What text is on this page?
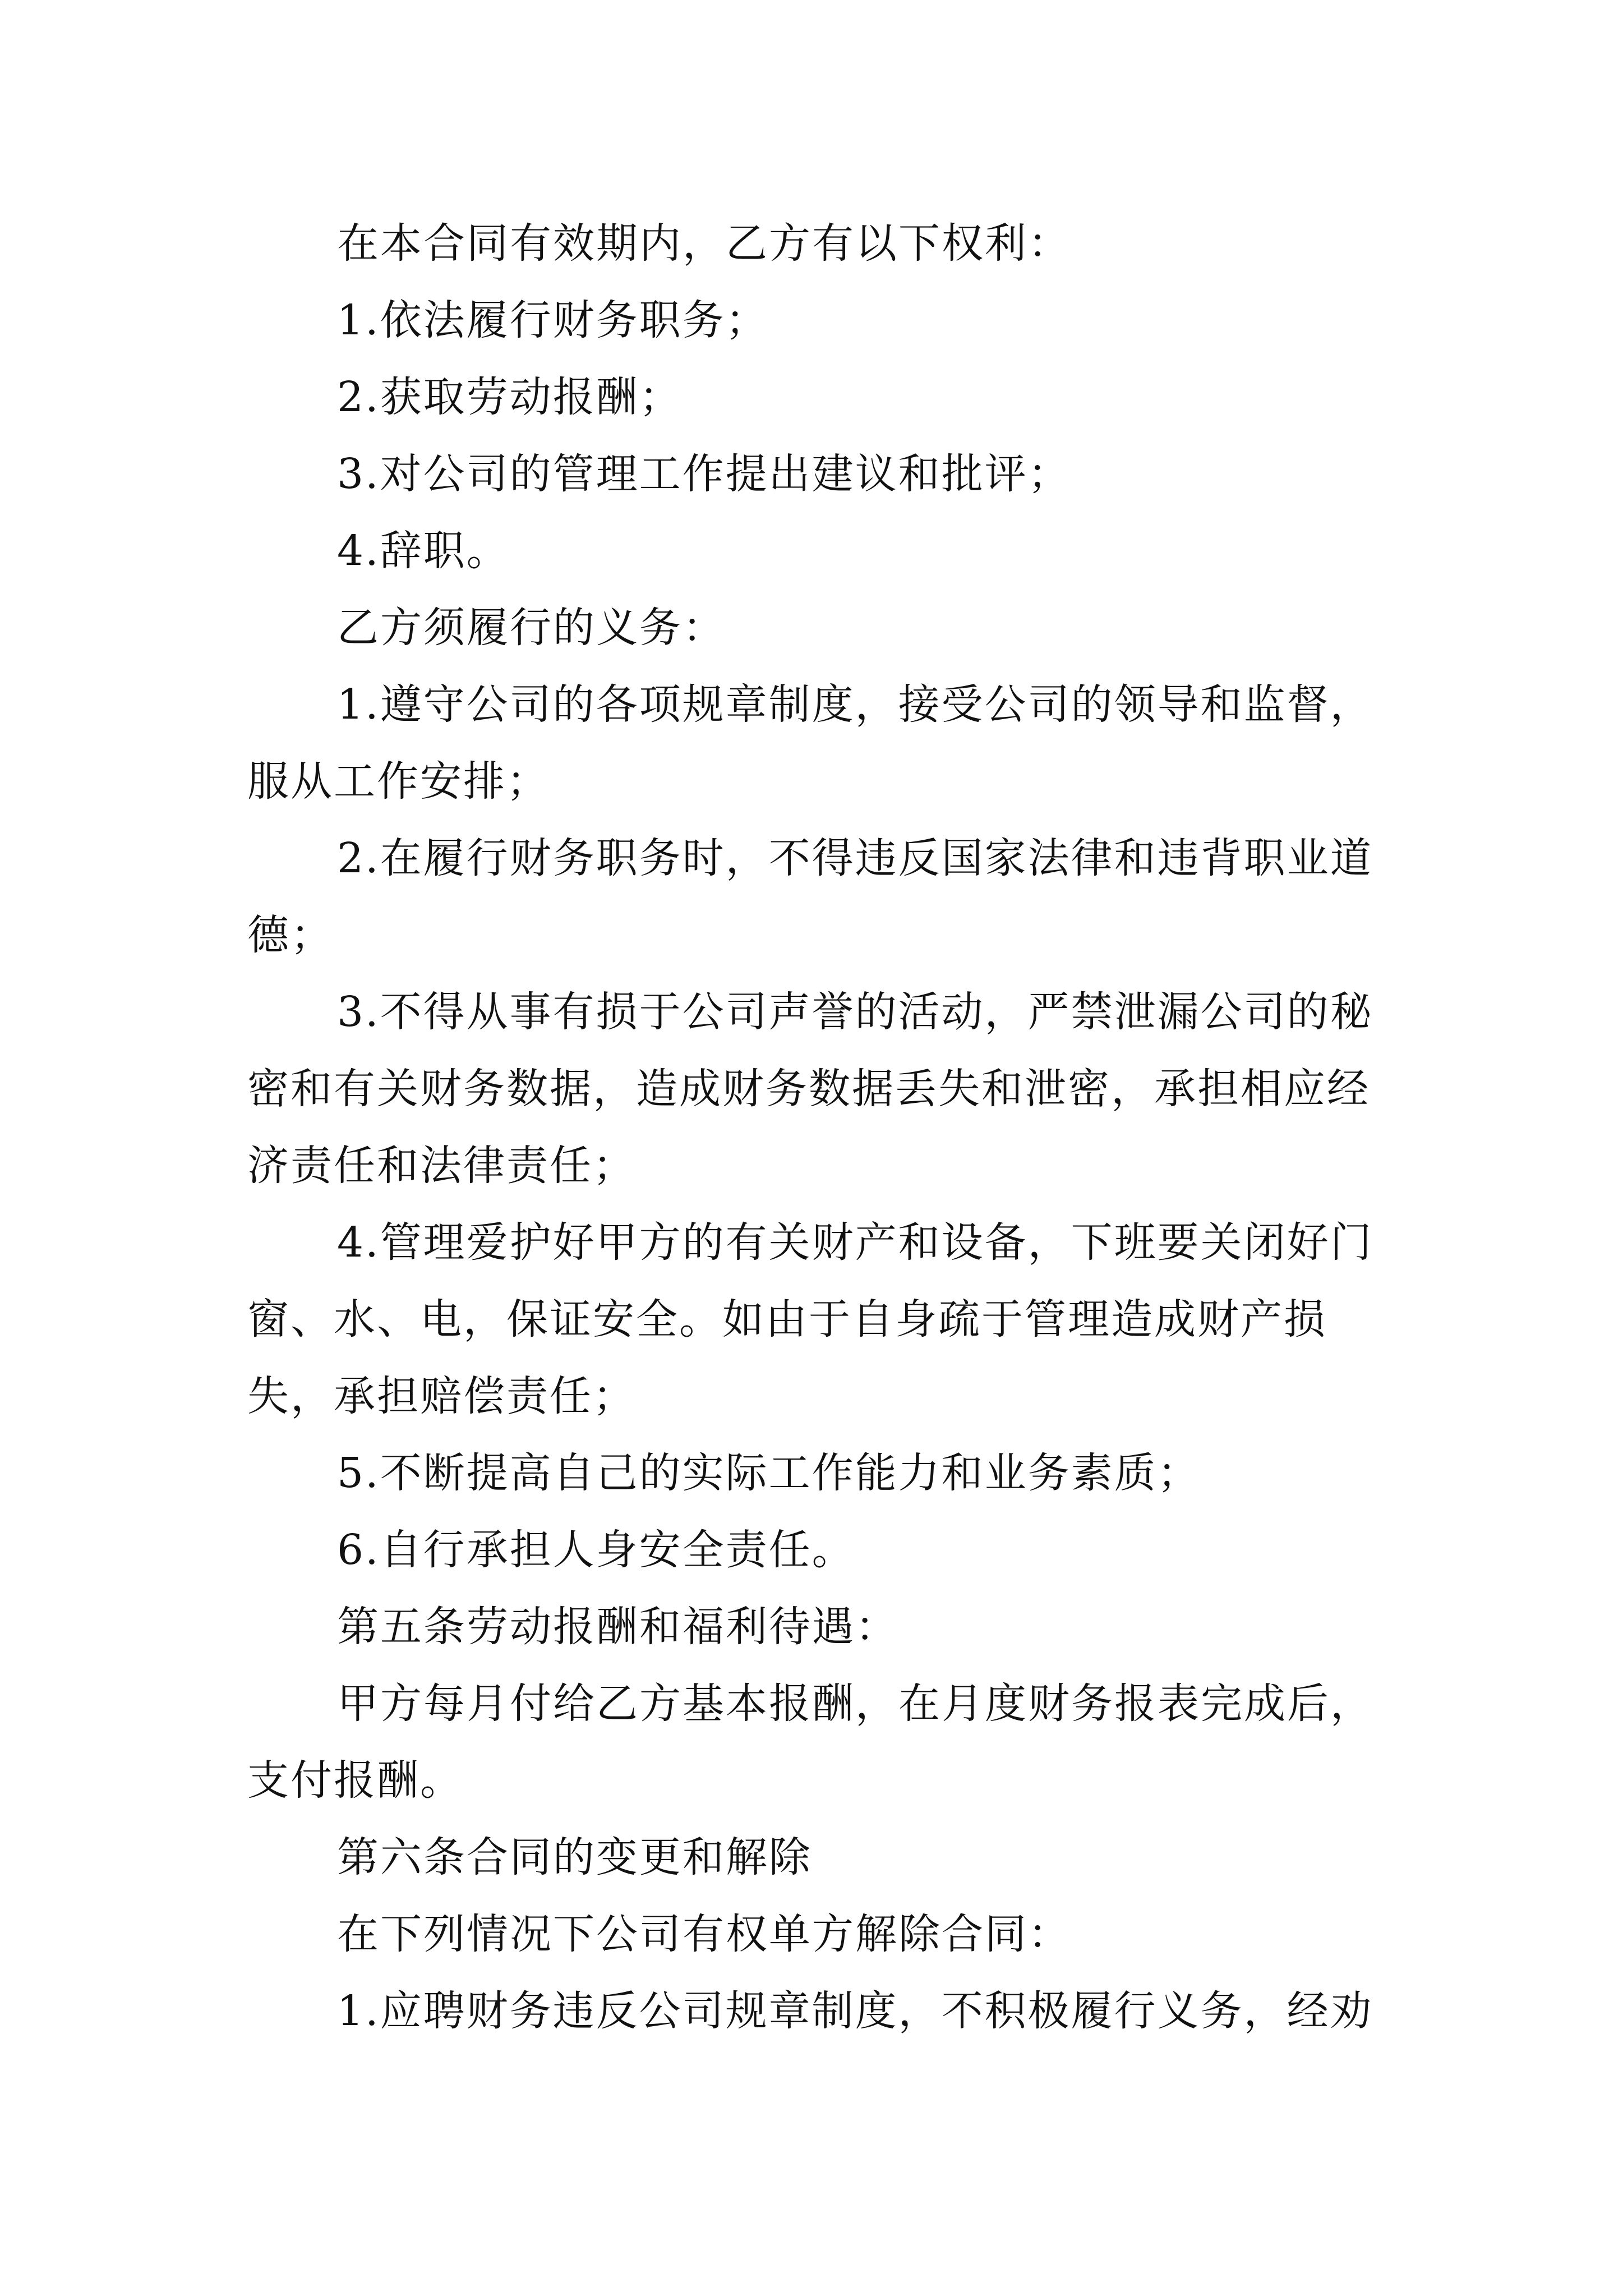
在本合同有效期内，乙方有以下权利：

1.依法履行财务职务；

2.获取劳动报酬；

3.对公司的管理工作提出建议和批评；

4.辞职。

乙方须履行的义务：

1.遵守公司的各项规章制度，接受公司的领导和监督，服从工作安排；

2.在履行财务职务时，不得违反国家法律和违背职业道德；

3.不得从事有损于公司声誉的活动，严禁泄漏公司的秘密和有关财务数据，造成财务数据丢失和泄密，承担相应经济责任和法律责任；

4.管理爱护好甲方的有关财产和设备，下班要关闭好门窗、水、电，保证安全。如由于自身疏于管理造成财产损失，承担赔偿责任；

5.不断提高自己的实际工作能力和业务素质；

6.自行承担人身安全责任。

第五条劳动报酬和福利待遇：

甲方每月付给乙方基本报酬，在月度财务报表完成后，支付报酬。

第六条合同的变更和解除

在下列情况下公司有权单方解除合同：

1.应聘财务违反公司规章制度，不积极履行义务，经劝
